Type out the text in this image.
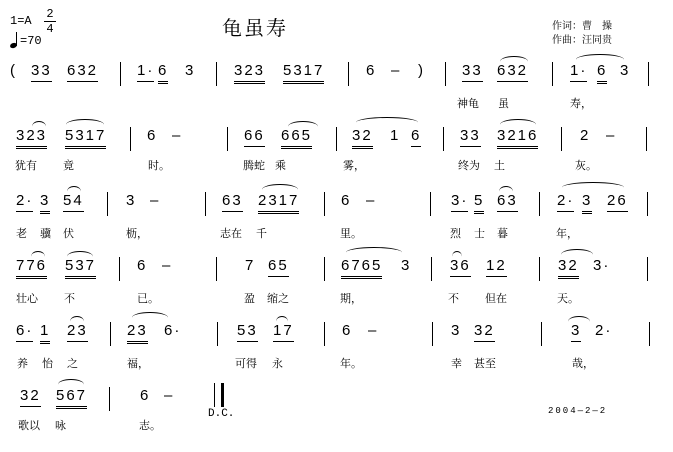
1=A 2
4
=70
龟虽寿	作词：曹　操
作曲：汪同贵
( 33 632	1· 6 3	323 5317	6 – ) 33 632	1· 6 3
神龟 虽	寿，
323 5317	6 –	66 665	32 1 6	33 3216	2 –
犹有 竟	时。	腾蛇 乘	雾，	终为 土	灰。
2· 3 54	3 –	63 2317	6 –	3· 5 63	2· 3 26
老 骥 伏	枥，	志在 千	里。	烈 士 暮	年，
776 537	6 –	7 65	6765 3	36 12	32 3·
壮心 不	已。	盈 缩之	期，	不 但在	天。
6· 1 23	23 6·	53 17	6 –	3 32	3 2·
养 怡 之	福，	可得 永	年。	幸 甚至	哉，
32 567	6 –
歌以 咏	志。
D.C.	2004—2—2
